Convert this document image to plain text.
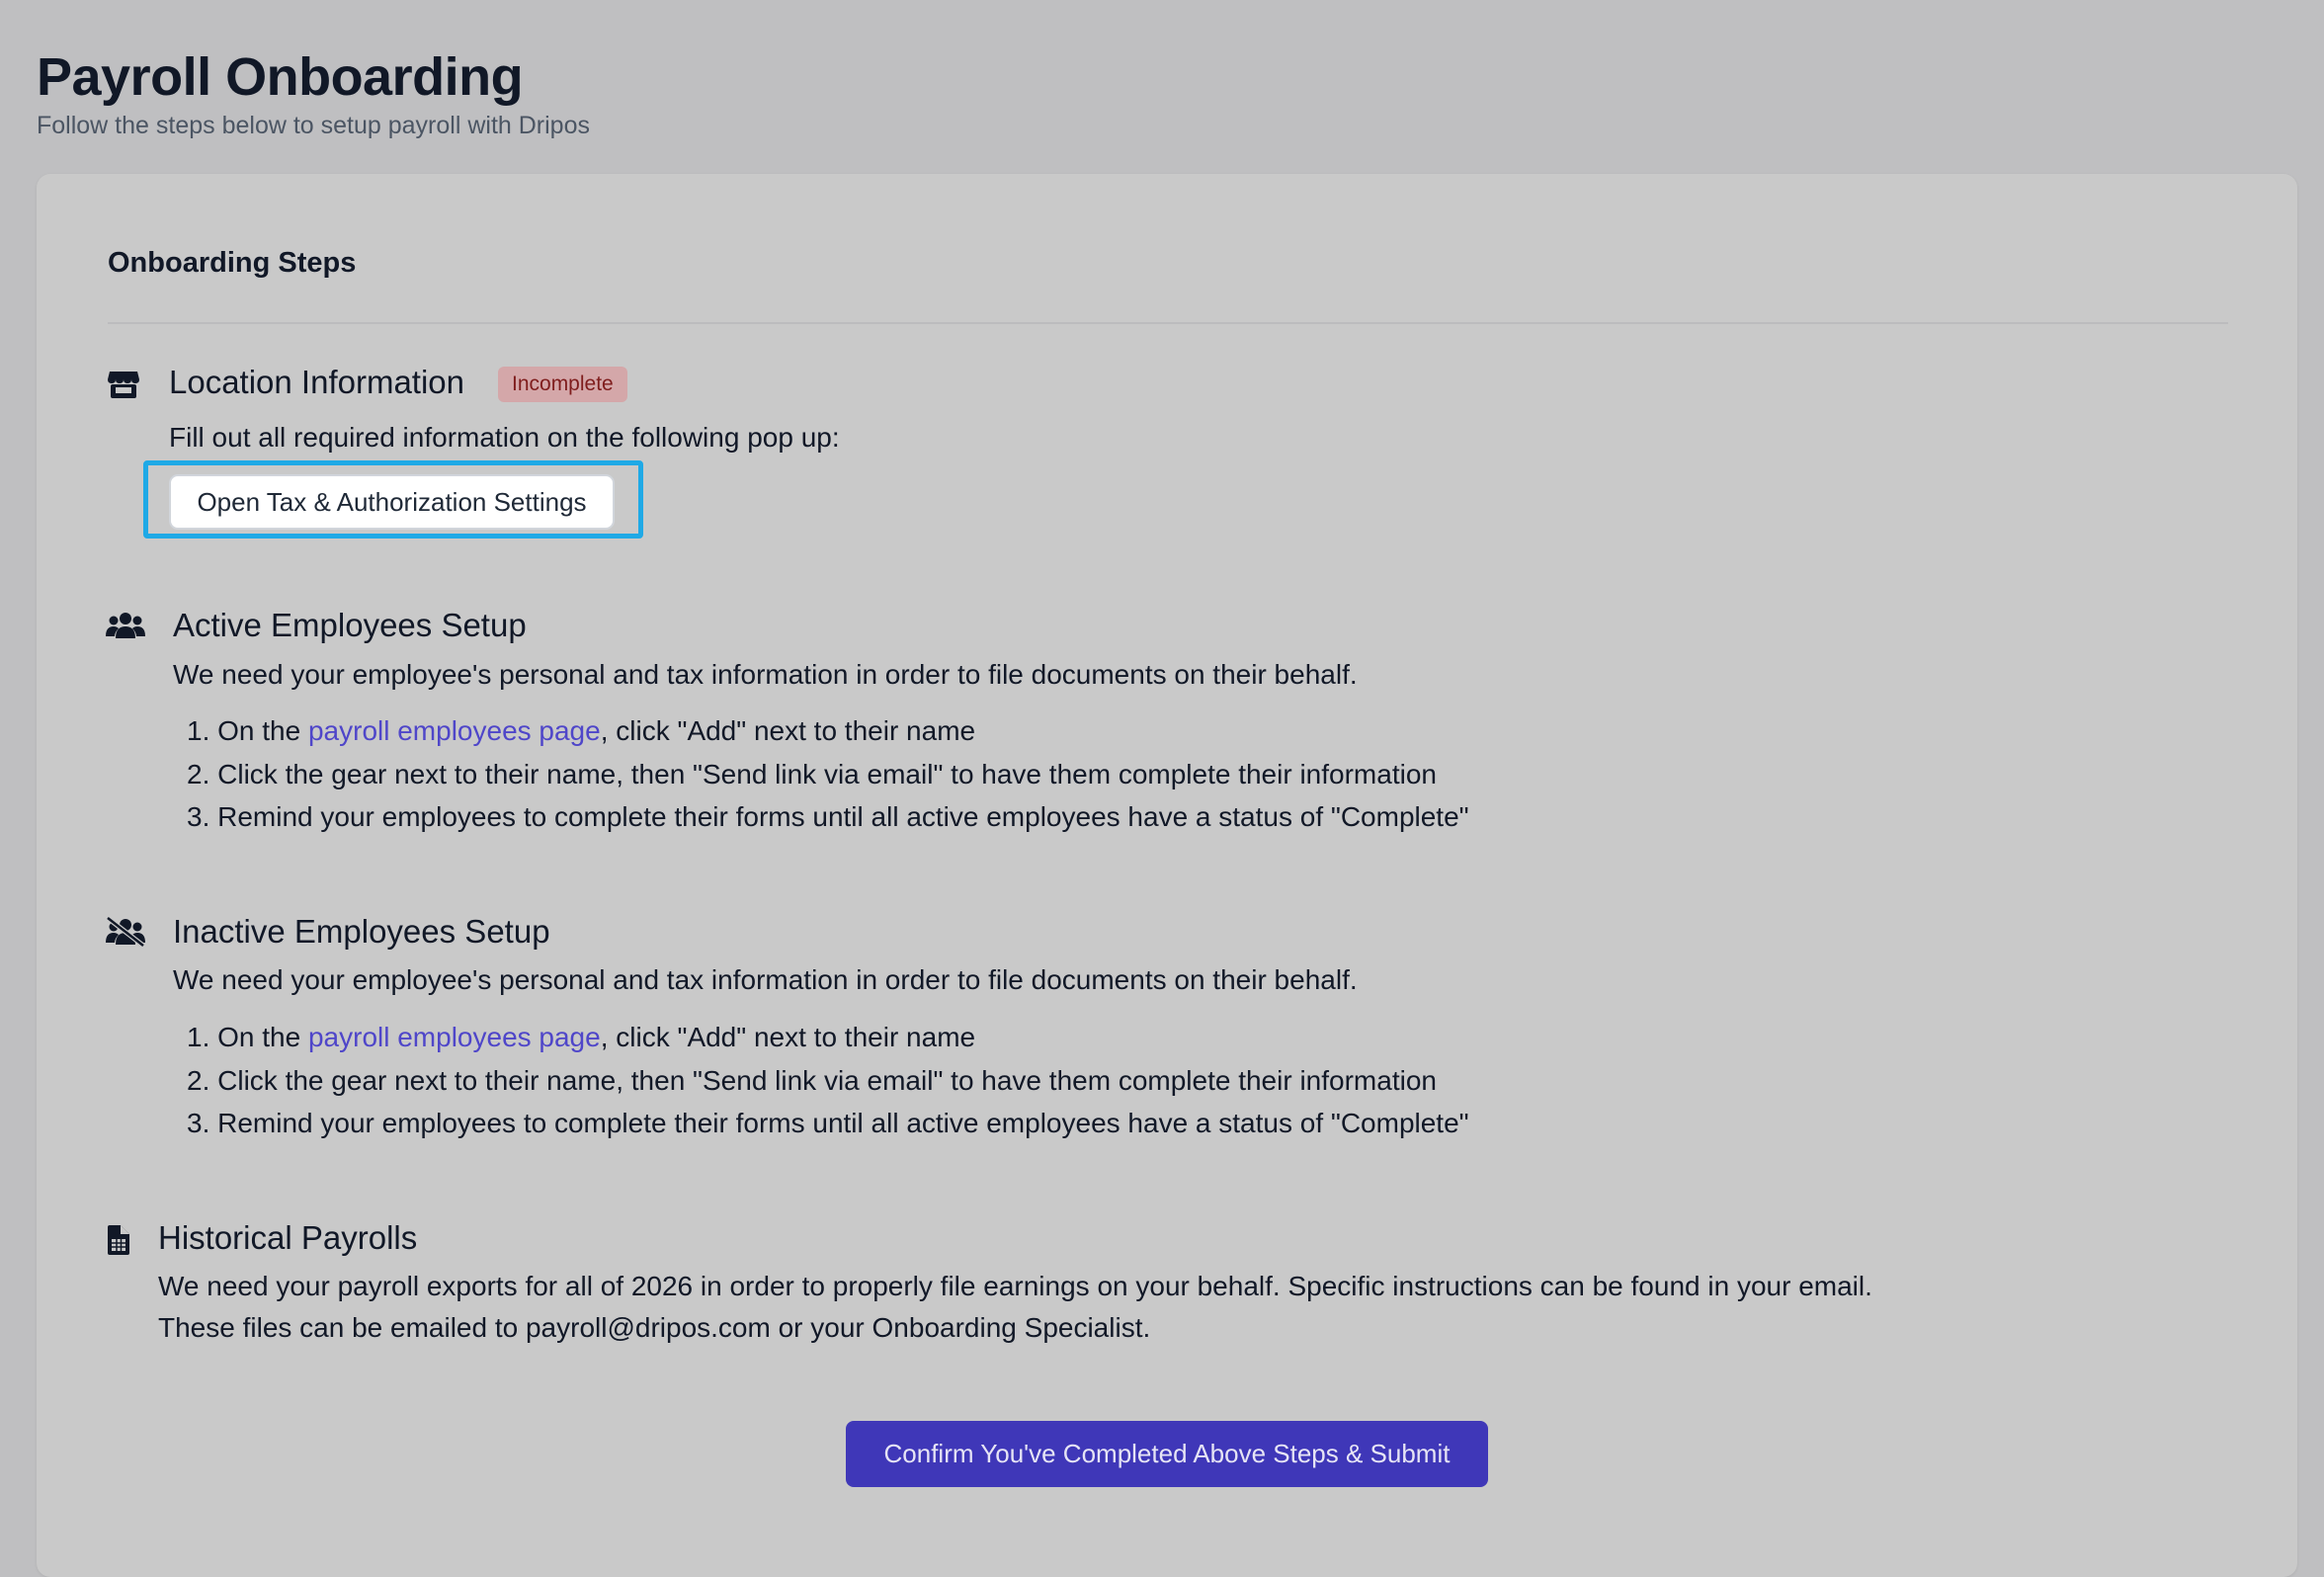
Payroll Onboarding
Follow the steps below to setup payroll with Dripos
Onboarding Steps
Location Information	Incomplete
Fill out all required information on the following pop up:
Open Tax & Authorization Settings
Active Employees Setup
We need your employee's personal and tax information in order to file documents on their behalf.
1. On the payroll employees page, click "Add" next to their name
2. Click the gear next to their name, then "Send link via email" to have them complete their information
3. Remind your employees to complete their forms until all active employees have a status of "Complete"
Inactive Employees Setup
We need your employee's personal and tax information in order to file documents on their behalf.
1. On the payroll employees page, click "Add" next to their name
2. Click the gear next to their name, then "Send link via email" to have them complete their information
3. Remind your employees to complete their forms until all active employees have a status of "Complete"
Historical Payrolls
We need your payroll exports for all of 2026 in order to properly file earnings on your behalf. Specific instructions can be found in your email.
These files can be emailed to payroll@dripos.com or your Onboarding Specialist.
Confirm You've Completed Above Steps & Submit
